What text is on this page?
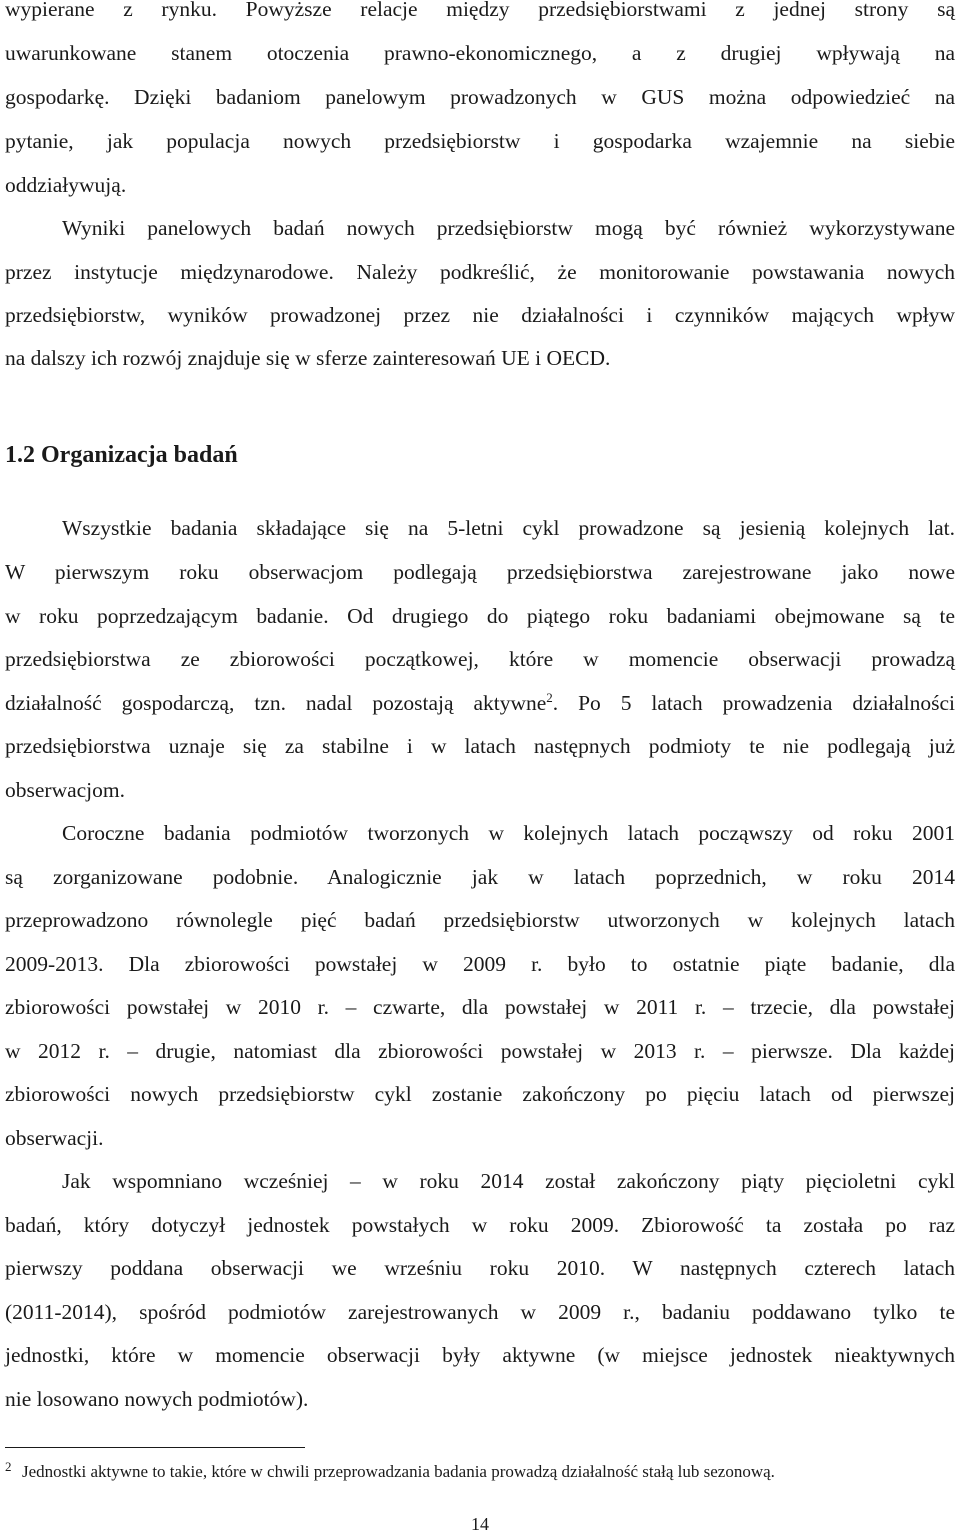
wypierane z rynku. Powyższe relacje między przedsiębiorstwami z jednej strony są
uwarunkowane stanem otoczenia prawno-ekonomicznego, a z drugiej wpływają na
gospodarkę. Dzięki badaniom panelowym prowadzonych w GUS można odpowiedzieć na
pytanie, jak populacja nowych przedsiębiorstw i gospodarka wzajemnie na siebie
oddziaływują.
Wyniki panelowych badań nowych przedsiębiorstw mogą być również wykorzystywane
przez instytucje międzynarodowe. Należy podkreślić, że monitorowanie powstawania nowych
przedsiębiorstw, wyników prowadzonej przez nie działalności i czynników mających wpływ
na dalszy ich rozwój znajduje się w sferze zainteresowań UE i OECD.
1.2 Organizacja badań
Wszystkie badania składające się na 5-letni cykl prowadzone są jesienią kolejnych lat.
W pierwszym roku obserwacjom podlegają przedsiębiorstwa zarejestrowane jako nowe
w roku poprzedzającym badanie. Od drugiego do piątego roku badaniami obejmowane są te
przedsiębiorstwa ze zbiorowości początkowej, które w momencie obserwacji prowadzą
działalność gospodarczą, tzn. nadal pozostają aktywne$^2$. Po 5 latach prowadzenia działalności
przedsiębiorstwa uznaje się za stabilne i w latach następnych podmioty te nie podlegają już
obserwacjom.
Coroczne badania podmiotów tworzonych w kolejnych latach począwszy od roku 2001
są zorganizowane podobnie. Analogicznie jak w latach poprzednich, w roku 2014
przeprowadzono równolegle pięć badań przedsiębiorstw utworzonych w kolejnych latach
2009-2013. Dla zbiorowości powstałej w 2009 r. było to ostatnie piąte badanie, dla
zbiorowości powstałej w 2010 r. – czwarte, dla powstałej w 2011 r. – trzecie, dla powstałej
w 2012 r. – drugie, natomiast dla zbiorowości powstałej w 2013 r. – pierwsze. Dla każdej
zbiorowości nowych przedsiębiorstw cykl zostanie zakończony po pięciu latach od pierwszej
obserwacji.
Jak wspomniano wcześniej – w roku 2014 został zakończony piąty pięcioletni cykl
badań, który dotyczył jednostek powstałych w roku 2009. Zbiorowość ta została po raz
pierwszy poddana obserwacji we wrześniu roku 2010. W następnych czterech latach
(2011-2014), spośród podmiotów zarejestrowanych w 2009 r., badaniu poddawano tylko te
jednostki, które w momencie obserwacji były aktywne (w miejsce jednostek nieaktywnych
nie losowano nowych podmiotów).
2 Jednostki aktywne to takie, które w chwili przeprowadzania badania prowadzą działalność stałą lub sezonową.
14
